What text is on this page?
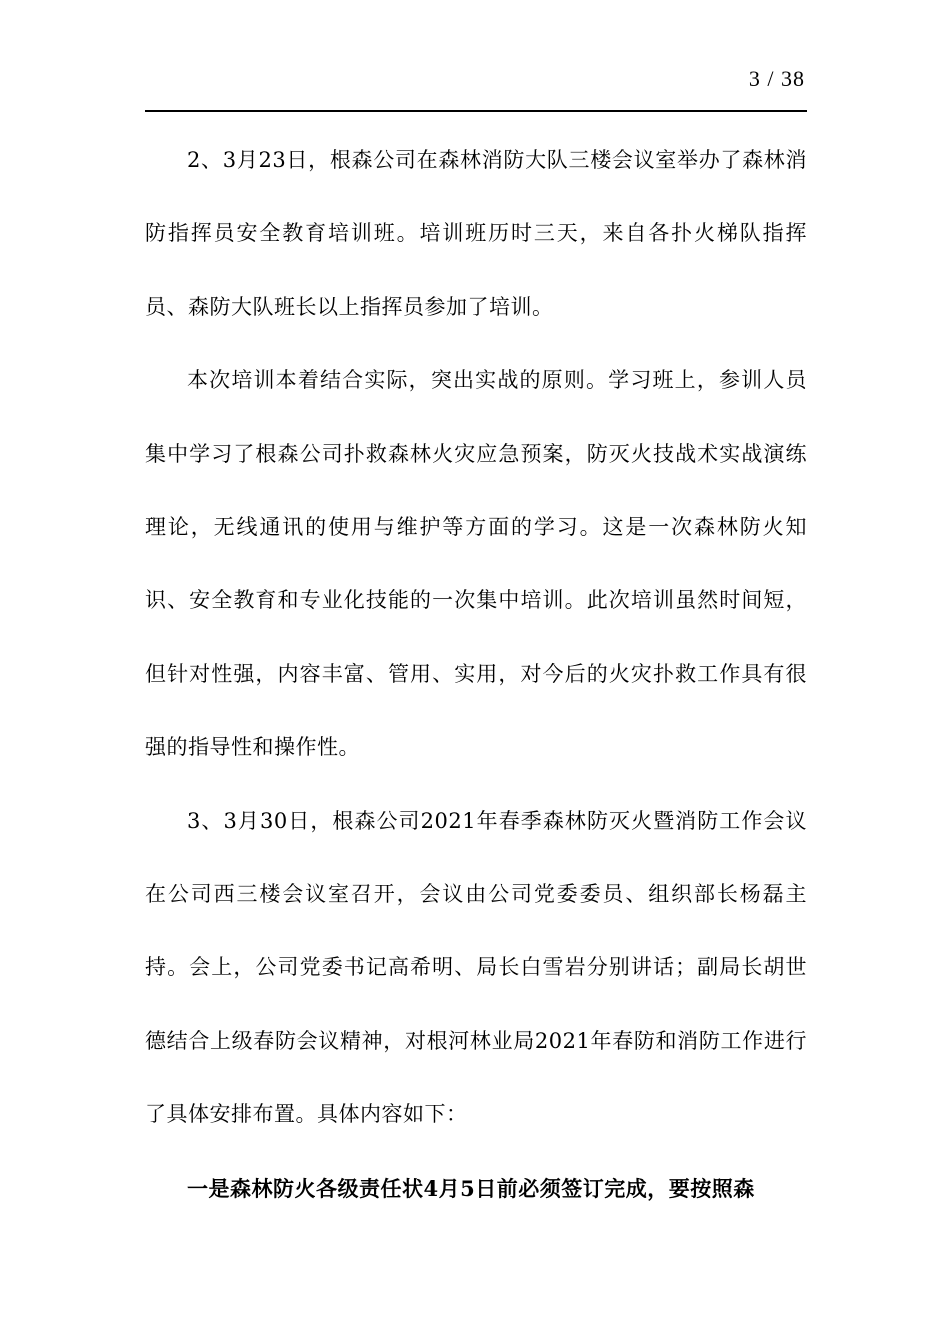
3 / 38

2、3月23日，根森公司在森林消防大队三楼会议室举办了森林消防指挥员安全教育培训班。培训班历时三天，来自各扑火梯队指挥员、森防大队班长以上指挥员参加了培训。

本次培训本着结合实际，突出实战的原则。学习班上，参训人员集中学习了根森公司扑救森林火灾应急预案，防灭火技战术实战演练理论，无线通讯的使用与维护等方面的学习。这是一次森林防火知识、安全教育和专业化技能的一次集中培训。此次培训虽然时间短，但针对性强，内容丰富、管用、实用，对今后的火灾扑救工作具有很强的指导性和操作性。

3、3月30日，根森公司2021年春季森林防灭火暨消防工作会议在公司西三楼会议室召开，会议由公司党委委员、组织部长杨磊主持。会上，公司党委书记高希明、局长白雪岩分别讲话；副局长胡世德结合上级春防会议精神，对根河林业局2021年春防和消防工作进行了具体安排布置。具体内容如下：

一是森林防火各级责任状4月5日前必须签订完成，要按照森
